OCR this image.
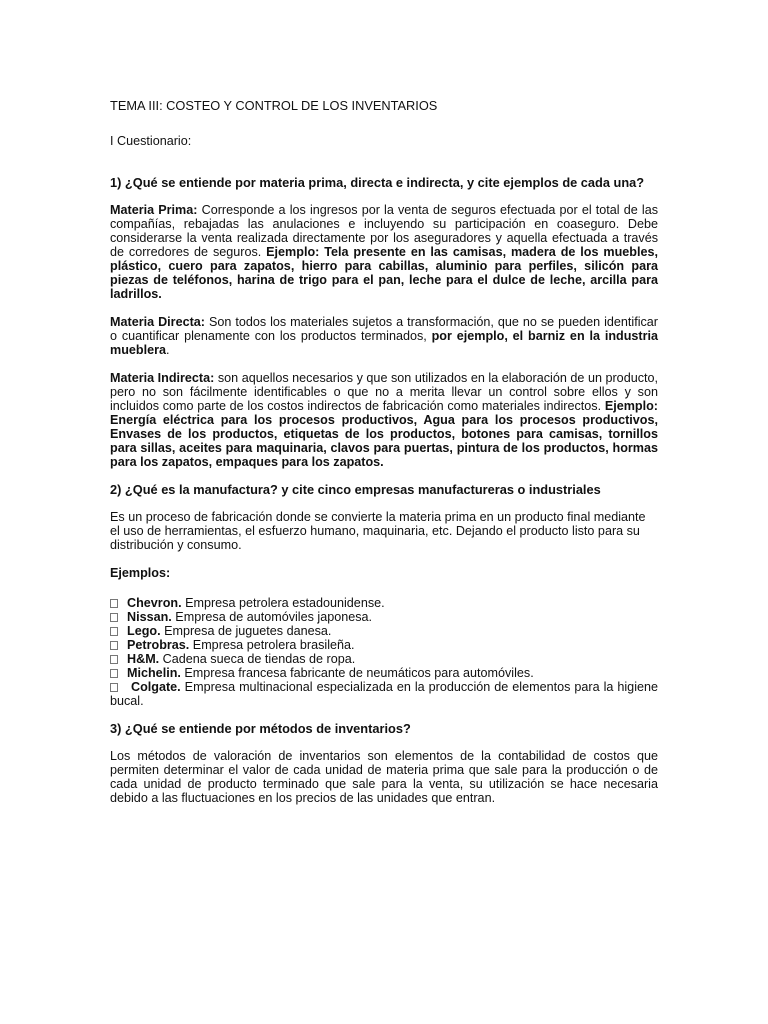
TEMA III: COSTEO Y CONTROL DE LOS INVENTARIOS
I Cuestionario:
1) ¿Qué se entiende por materia prima, directa e indirecta, y cite ejemplos de cada una?

Materia Prima: Corresponde a los ingresos por la venta de seguros efectuada por el total de las compañías, rebajadas las anulaciones e incluyendo su participación en coaseguro. Debe considerarse la venta realizada directamente por los aseguradores y aquella efectuada a través de corredores de seguros. Ejemplo: Tela presente en las camisas, madera de los muebles, plástico, cuero para zapatos, hierro para cabillas, aluminio para perfiles, silicón para piezas de teléfonos, harina de trigo para el pan, leche para el dulce de leche, arcilla para ladrillos.

Materia Directa: Son todos los materiales sujetos a transformación, que no se pueden identificar o cuantificar plenamente con los productos terminados, por ejemplo, el barniz en la industria mueblera.

Materia Indirecta: son aquellos necesarios y que son utilizados en la elaboración de un producto, pero no son fácilmente identificables o que no a merita llevar un control sobre ellos y son incluidos como parte de los costos indirectos de fabricación como materiales indirectos. Ejemplo: Energía eléctrica para los procesos productivos, Agua para los procesos productivos, Envases de los productos, etiquetas de los productos, botones para camisas, tornillos para sillas, aceites para maquinaria, clavos para puertas, pintura de los productos, hormas para los zapatos, empaques para los zapatos.

2) ¿Qué es la manufactura? y cite cinco empresas manufactureras o industriales

Es un proceso de fabricación donde se convierte la materia prima en un producto final mediante el uso de herramientas, el esfuerzo humano, maquinaria, etc. Dejando el producto listo para su distribución y consumo.

Ejemplos:
Chevron. Empresa petrolera estadounidense.
Nissan. Empresa de automóviles japonesa.
Lego. Empresa de juguetes danesa.
Petrobras. Empresa petrolera brasileña.
H&M. Cadena sueca de tiendas de ropa.
Michelin. Empresa francesa fabricante de neumáticos para automóviles.
Colgate. Empresa multinacional especializada en la producción de elementos para la higiene bucal.
3) ¿Qué se entiende por métodos de inventarios?

Los métodos de valoración de inventarios son elementos de la contabilidad de costos que permiten determinar el valor de cada unidad de materia prima que sale para la producción o de cada unidad de producto terminado que sale para la venta, su utilización se hace necesaria debido a las fluctuaciones en los precios de las unidades que entran.
